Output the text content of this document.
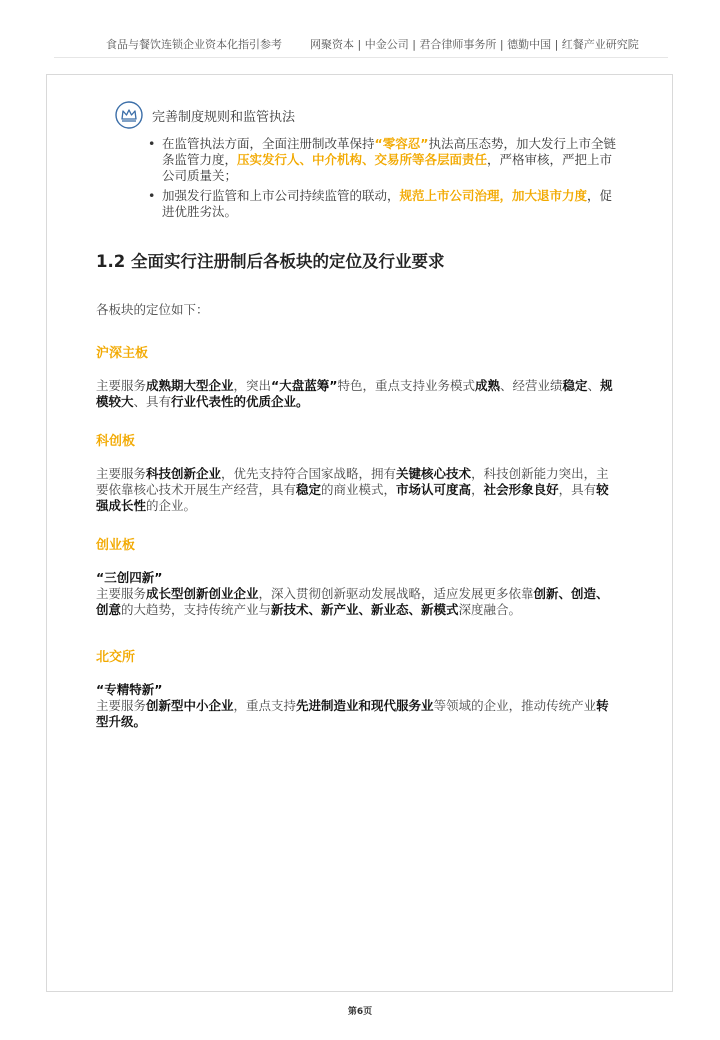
食品与餐饮连锁企业资本化指引参考	网聚资本 | 中金公司 | 君合律师事务所 | 德勤中国 | 红餐产业研究院
完善制度规则和监管执法
• 在监管执法方面，全面注册制改革保持“零容忍”执法高压态势，加大发行上市全链条监管力度，压实发行人、中介机构、交易所等各层面责任，严格审核，严把上市公司质量关；
• 加强发行监管和上市公司持续监管的联动，规范上市公司治理，加大退市力度，促进优胜劣汰。
1.2 全面实行注册制后各板块的定位及行业要求
各板块的定位如下：
沪深主板
主要服务成熟期大型企业，突出“大盘蓝筹”特色，重点支持业务模式成熟、经营业绩稳定、规模较大、具有行业代表性的优质企业。
科创板
主要服务科技创新企业，优先支持符合国家战略，拥有关键核心技术，科技创新能力突出，主要依靠核心技术开展生产经营，具有稳定的商业模式，市场认可度高，社会形象良好，具有较强成长性的企业。
创业板
“三创四新”
主要服务成长型创新创业企业，深入贯彻创新驱动发展战略，适应发展更多依靠创新、创造、创意的大趋势，支持传统产业与新技术、新产业、新业态、新模式深度融合。
北交所
“专精特新”
主要服务创新型中小企业，重点支持先进制造业和现代服务业等领域的企业，推动传统产业转型升级。
第6页
